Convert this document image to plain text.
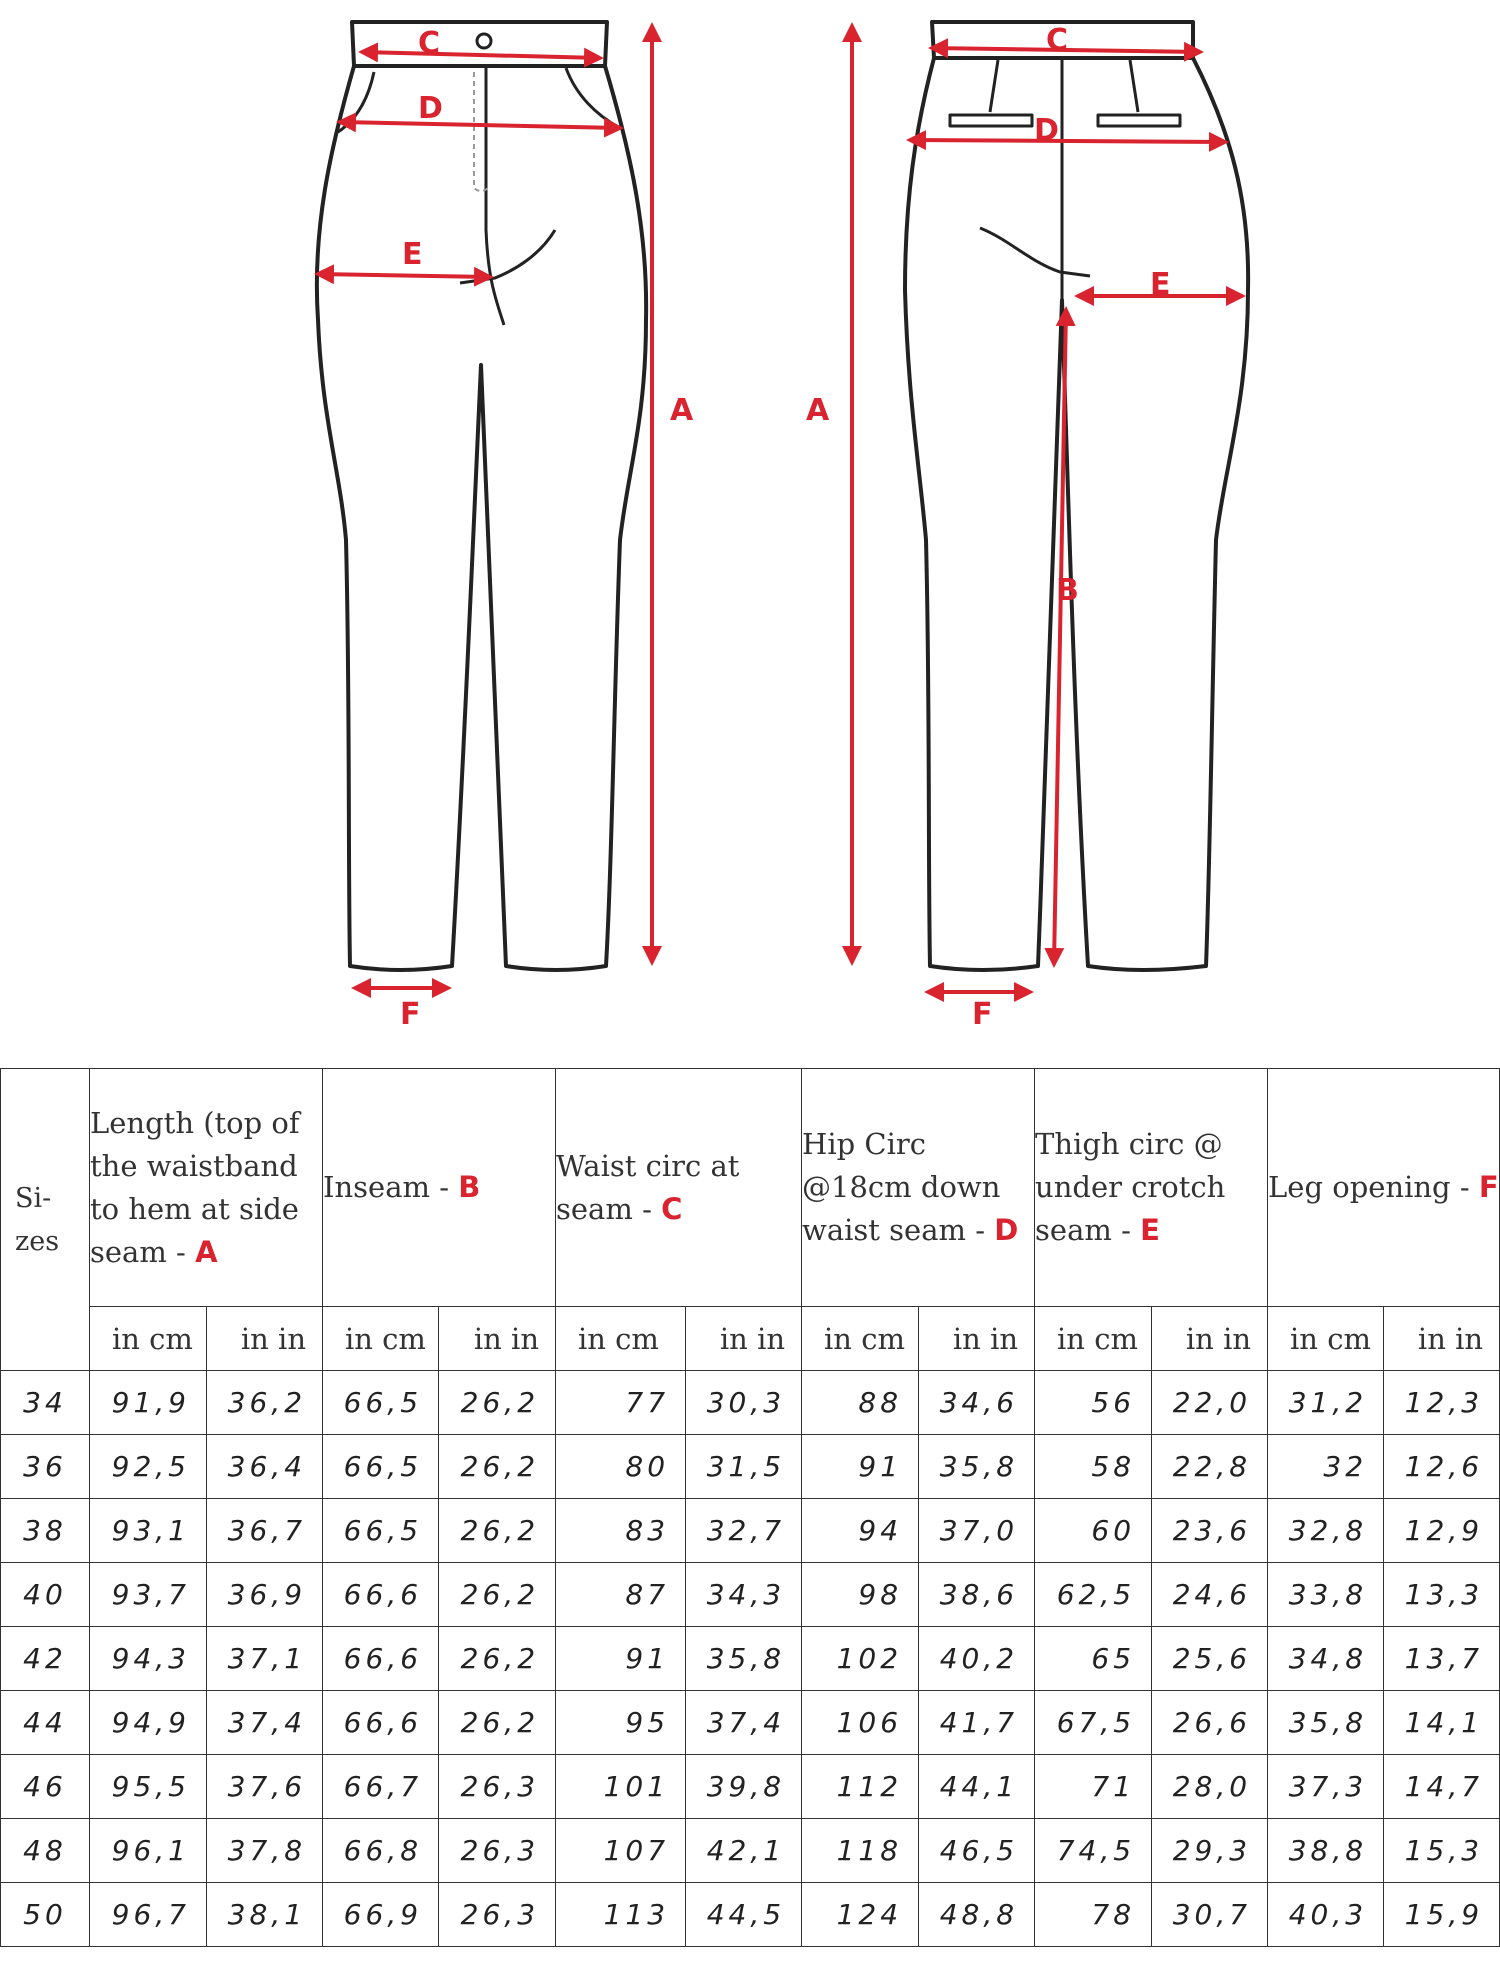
C
D
E
A
F
C
D
E
A
B
F
Si-
zes	Length (top of the waistband to hem at side seam - A		Inseam - B		Waist circ at seam - C		Hip Circ @18cm down waist seam - D		Thigh circ @ under crotch seam - E		Leg opening - F	
	in cm	in in	in cm	in in	in cm	in in	in cm	in in	in cm	in in	in cm	in in
34	91,9	36,2	66,5	26,2	77	30,3	88	34,6	56	22,0	31,2	12,3
36	92,5	36,4	66,5	26,2	80	31,5	91	35,8	58	22,8	32	12,6
38	93,1	36,7	66,5	26,2	83	32,7	94	37,0	60	23,6	32,8	12,9
40	93,7	36,9	66,6	26,2	87	34,3	98	38,6	62,5	24,6	33,8	13,3
42	94,3	37,1	66,6	26,2	91	35,8	102	40,2	65	25,6	34,8	13,7
44	94,9	37,4	66,6	26,2	95	37,4	106	41,7	67,5	26,6	35,8	14,1
46	95,5	37,6	66,7	26,3	101	39,8	112	44,1	71	28,0	37,3	14,7
48	96,1	37,8	66,8	26,3	107	42,1	118	46,5	74,5	29,3	38,8	15,3
50	96,7	38,1	66,9	26,3	113	44,5	124	48,8	78	30,7	40,3	15,9
